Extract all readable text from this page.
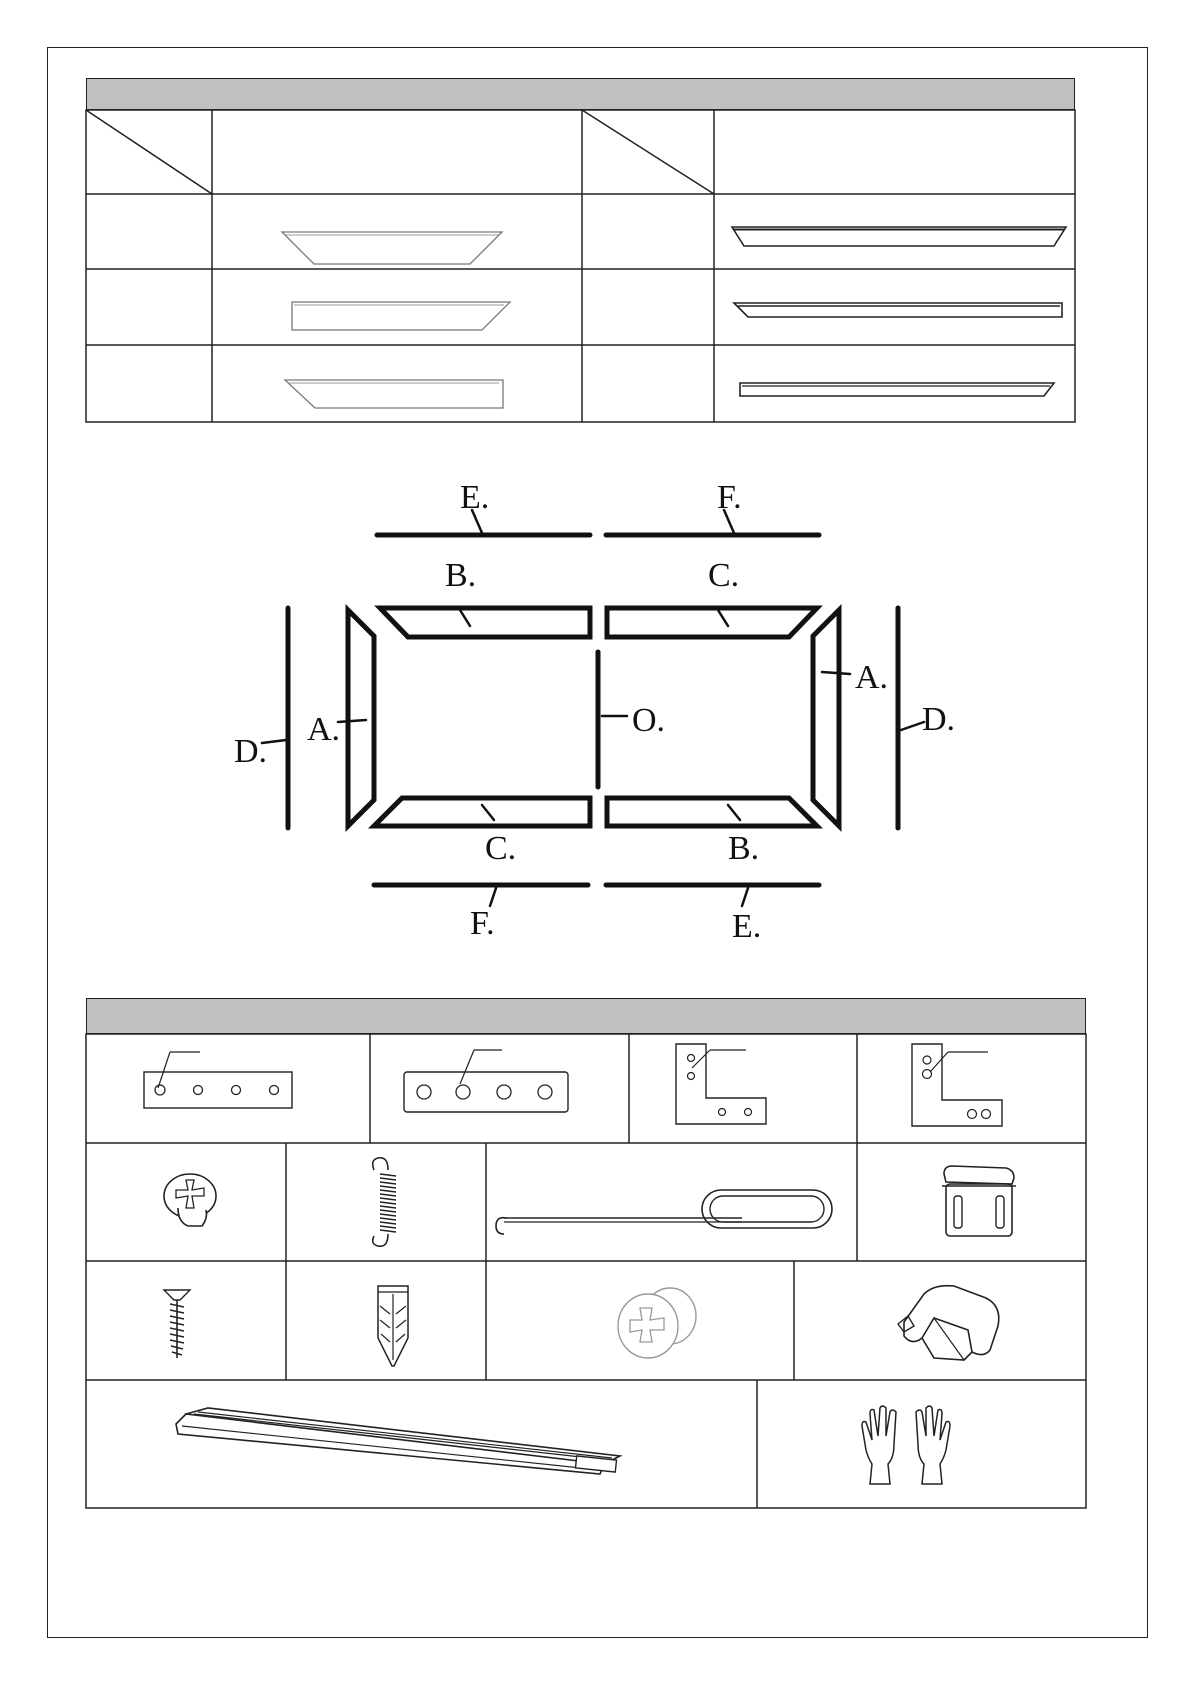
E.	F.
B.	C.
A.
D.
O.
A.
D.
C.	B.
F.	E.
